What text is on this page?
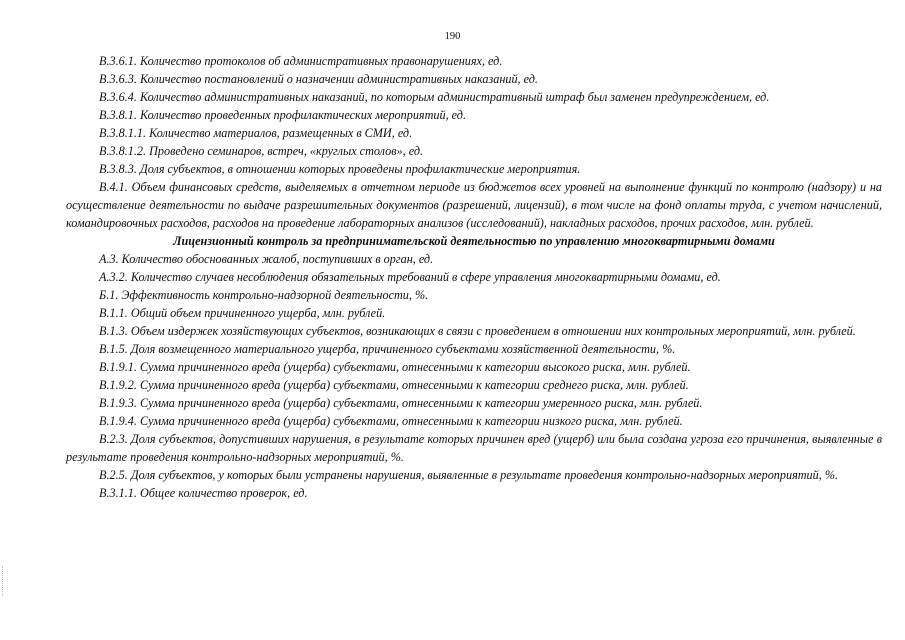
190

В.3.6.1. Количество протоколов об административных правонарушениях, ед.

В.3.6.3. Количество постановлений о назначении административных наказаний, ед.

В.3.6.4. Количество административных наказаний, по которым административный штраф был заменен предупреждением, ед.

В.3.8.1. Количество проведенных профилактических мероприятий, ед.

В.3.8.1.1. Количество материалов, размещенных в СМИ, ед.

В.3.8.1.2. Проведено семинаров, встреч, «круглых столов», ед.

В.3.8.3. Доля субъектов, в отношении которых проведены профилактические мероприятия.

В.4.1. Объем финансовых средств, выделяемых в отчетном периоде из бюджетов всех уровней на выполнение функций по контролю (надзору) и на осуществление деятельности по выдаче разрешительных документов (разрешений, лицензий), в том числе на фонд оплаты труда, с учетом начислений, командировочных расходов, расходов на проведение лабораторных анализов (исследований), накладных расходов, прочих расходов, млн. рублей.

Лицензионный контроль за предпринимательской деятельностью по управлению многоквартирными домами

А.3. Количество обоснованных жалоб, поступивших в орган, ед.

А.3.2. Количество случаев несоблюдения обязательных требований в сфере управления многоквартирными домами, ед.

Б.1. Эффективность контрольно-надзорной деятельности, %.

В.1.1. Общий объем причиненного ущерба, млн. рублей.

В.1.3. Объем издержек хозяйствующих субъектов, возникающих в связи с проведением в отношении них контрольных мероприятий, млн. рублей.

В.1.5. Доля возмещенного материального ущерба, причиненного субъектами хозяйственной деятельности, %.

В.1.9.1. Сумма причиненного вреда (ущерба) субъектами, отнесенными к категории высокого риска, млн. рублей.

В.1.9.2. Сумма причиненного вреда (ущерба) субъектами, отнесенными к категории среднего риска, млн. рублей.

В.1.9.3. Сумма причиненного вреда (ущерба) субъектами, отнесенными к категории умеренного риска, млн. рублей.

В.1.9.4. Сумма причиненного вреда (ущерба) субъектами, отнесенными к категории низкого риска, млн. рублей.

В.2.3. Доля субъектов, допустивших нарушения, в результате которых причинен вред (ущерб) или была создана угроза его причинения, выявленные в результате проведения контрольно-надзорных мероприятий, %.

В.2.5. Доля субъектов, у которых были устранены нарушения, выявленные в результате проведения контрольно-надзорных мероприятий, %.

В.3.1.1. Общее количество проверок, ед.
